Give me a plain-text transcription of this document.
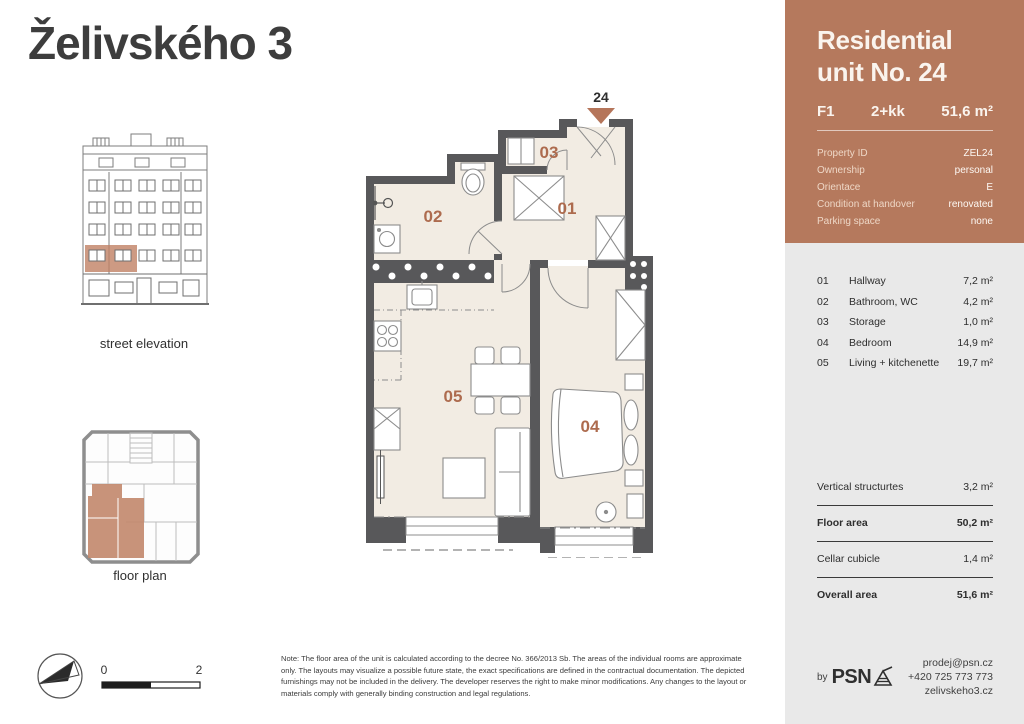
Želivského 3
street elevation
floor plan
24
01
02
03
04
05
0	2
Note: The floor area of the unit is calculated according to the decree No. 366/2013 Sb. The areas of the individual rooms are approximate only. The layouts may visualize a possible future state, the exact specifications are defined in the contractual documentation. The depicted furnishings may not be included in the delivery. The developer reserves the right to make minor modifications. Any changes to the layout or materials comply with generally binding construction and legal regulations.
Residential
unit No. 24
F1 2+kk 51,6 m²
Property ID	ZEL24
Ownership	personal
Orientace	E
Condition at handover	renovated
Parking space	none
01	Hallway	7,2 m²
02	Bathroom, WC	4,2 m²
03	Storage	1,0 m²
04	Bedroom	14,9 m²
05	Living + kitchenette	19,7 m²
Vertical structurtes	3,2 m²
Floor area	50,2 m²
Cellar cubicle	1,4 m²
Overall area	51,6 m²
by PSN
prodej@psn.cz
+420 725 773 773
zelivskeho3.cz
